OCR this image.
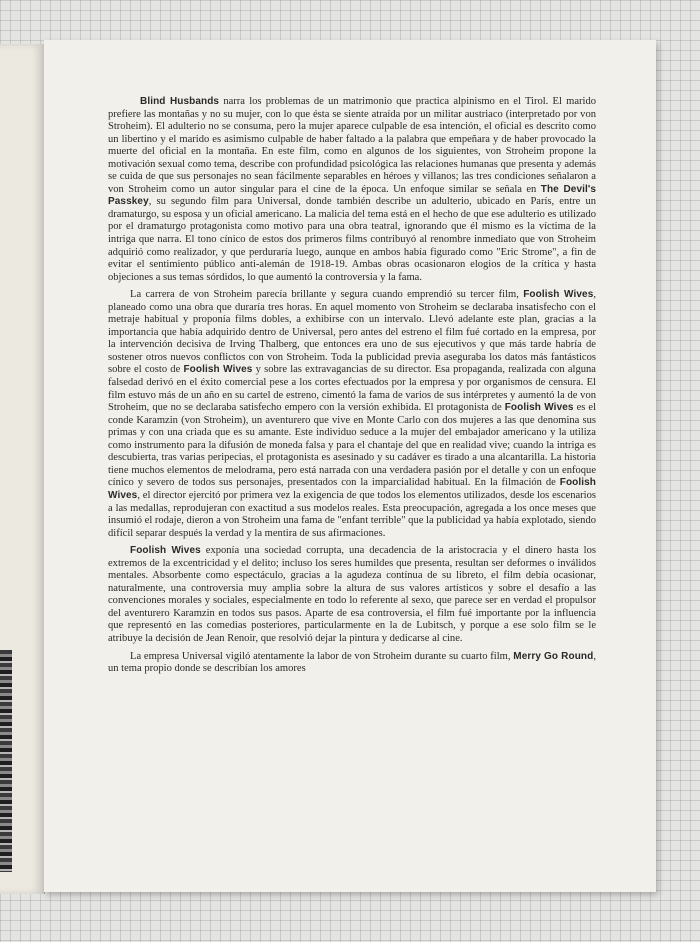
Blind Husbands narra los problemas de un matrimonio que practica alpinismo en el Tirol. El marido prefiere las montañas y no su mujer, con lo que ésta se siente atraída por un militar austriaco (interpretado por von Stroheim). El adulterio no se consuma, pero la mujer aparece culpable de esa intención, el oficial es descrito como un libertino y el marido es asimismo culpable de haber faltado a la palabra que empeñara y de haber provocado la muerte del oficial en la montaña. En este film, como en algunos de los siguientes, von Stroheim propone la motivación sexual como tema, describe con profundidad psicológica las relaciones humanas que presenta y además se cuida de que sus personajes no sean fácilmente separables en héroes y villanos; las tres condiciones señalaron a von Stroheim como un autor singular para el cine de la época. Un enfoque similar se señala en The Devil's Passkey, su segundo film para Universal, donde también describe un adulterio, ubicado en París, entre un dramaturgo, su esposa y un oficial americano. La malicia del tema está en el hecho de que ese adulterio es utilizado por el dramaturgo protagonista como motivo para una obra teatral, ignorando que él mismo es la víctima de la intriga que narra. El tono cínico de estos dos primeros films contribuyó al renombre inmediato que von Stroheim adquirió como realizador, y que perduraría luego, aunque en ambos había figurado como "Eric Strome", a fin de evitar el sentimiento público anti-alemán de 1918-19. Ambas obras ocasionaron elogios de la crítica y hasta objeciones a sus temas sórdidos, lo que aumentó la controversia y la fama.

La carrera de von Stroheim parecía brillante y segura cuando emprendió su tercer film, Foolish Wives, planeado como una obra que duraría tres horas. En aquel momento von Stroheim se declaraba insatisfecho con el metraje habitual y proponía films dobles, a exhibirse con un intervalo. Llevó adelante este plan, gracias a la importancia que había adquirido dentro de Universal, pero antes del estreno el film fué cortado en la empresa, por la intervención decisiva de Irving Thalberg, que entonces era uno de sus ejecutivos y que más tarde habría de sostener otros nuevos conflictos con von Stroheim. Toda la publicidad previa aseguraba los datos más fantásticos sobre el costo de Foolish Wives y sobre las extravagancias de su director. Esa propaganda, realizada con alguna falsedad derivó en el éxito comercial pese a los cortes efectuados por la empresa y por organismos de censura. El film estuvo más de un año en su cartel de estreno, cimentó la fama de varios de sus intérpretes y aumentó la de von Stroheim, que no se declaraba satisfecho empero con la versión exhibida. El protagonista de Foolish Wives es el conde Karamzin (von Stroheim), un aventurero que vive en Monte Carlo con dos mujeres a las que denomina sus primas y con una criada que es su amante. Este individuo seduce a la mujer del embajador americano y la utiliza como instrumento para la difusión de moneda falsa y para el chantaje del que en realidad vive; cuando la intriga es descubierta, tras varias peripecias, el protagonista es asesinado y su cadáver es tirado a una alcantarilla. La historia tiene muchos elementos de melodrama, pero está narrada con una verdadera pasión por el detalle y con un enfoque cínico y severo de todos sus personajes, presentados con la imparcialidad habitual. En la filmación de Foolish Wives, el director ejercitó por primera vez la exigencia de que todos los elementos utilizados, desde los escenarios a las medallas, reprodujeran con exactitud a sus modelos reales. Esta preocupación, agregada a los once meses que insumió el rodaje, dieron a von Stroheim una fama de "enfant terrible" que la publicidad ya había explotado, siendo difícil separar después la verdad y la mentira de sus afirmaciones.

Foolish Wives exponía una sociedad corrupta, una decadencia de la aristocracia y el dinero hasta los extremos de la excentricidad y el delito; incluso los seres humildes que presenta, resultan ser deformes o inválidos mentales. Absorbente como espectáculo, gracias a la agudeza contínua de su libreto, el film debía ocasionar, naturalmente, una controversia muy amplia sobre la altura de sus valores artísticos y sobre el desafío a las convenciones morales y sociales, especialmente en todo lo referente al sexo, que parece ser en verdad el propulsor del aventurero Karamzin en todos sus pasos. Aparte de esa controversia, el film fué importante por la influencia que representó en las comedias posteriores, particularmente en la de Lubitsch, y porque a ese solo film se le atribuye la decisión de Jean Renoir, que resolvió dejar la pintura y dedicarse al cine.

La empresa Universal vigiló atentamente la labor de von Stroheim durante su cuarto film, Merry Go Round, un tema propio donde se describían los amores
